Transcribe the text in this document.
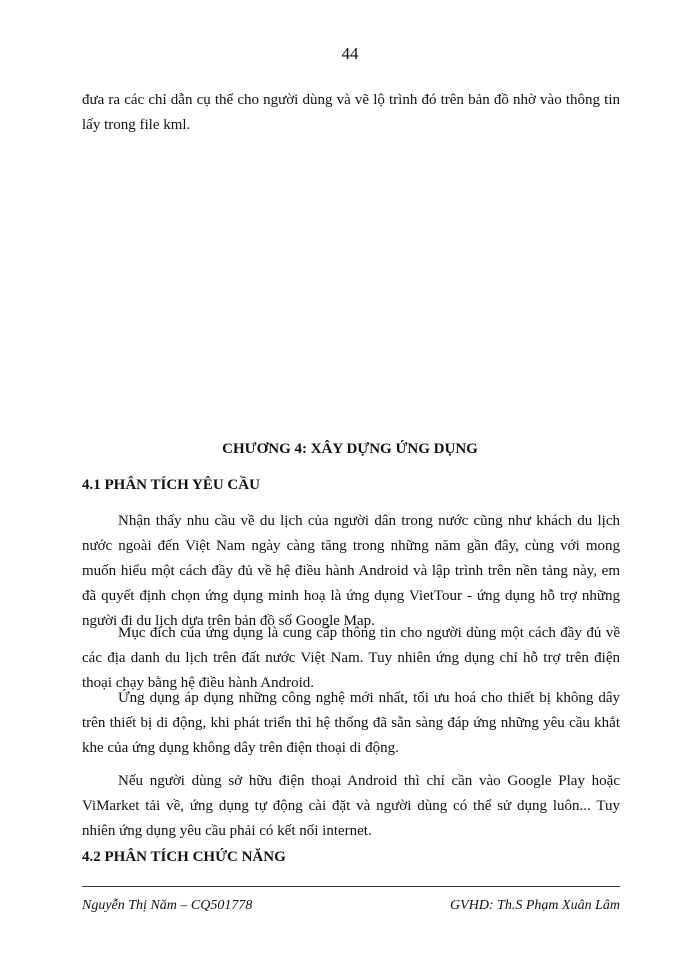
44

đưa ra các chỉ dẫn cụ thể cho người dùng và vẽ lộ trình đó trên bản đồ nhờ vào thông tin lấy trong file kml.

CHƯƠNG 4: XÂY DỰNG ỨNG DỤNG
4.1 PHÂN TÍCH YÊU CẦU

Nhận thấy nhu cầu về du lịch của người dân trong nước cũng như khách du lịch nước ngoài đến Việt Nam ngày càng tăng trong những năm gần đây, cùng với mong muốn hiểu một cách đầy đủ về hệ điều hành Android và lập trình trên nền tảng này, em đã quyết định chọn ứng dụng minh hoạ là ứng dụng VietTour - ứng dụng hỗ trợ những người đi du lịch dựa trên bản đồ số Google Map.

Mục đích của ứng dụng là cung cấp thông tin cho người dùng một cách đầy đủ về các địa danh du lịch trên đất nước Việt Nam. Tuy nhiên ứng dụng chỉ hỗ trợ trên điện thoại chạy bằng hệ điều hành Android.

Ứng dụng áp dụng những công nghệ mới nhất, tối ưu hoá cho thiết bị không dây trên thiết bị di động, khi phát triển thì hệ thống đã sẵn sàng đáp ứng những yêu cầu khắt khe của ứng dụng không dây trên điện thoại di động.

Nếu người dùng sở hữu điện thoại Android thì chỉ cần vào Google Play hoặc ViMarket tải về, ứng dụng tự động cài đặt và người dùng có thể sử dụng luôn... Tuy nhiên ứng dụng yêu cầu phải có kết nối internet.

4.2 PHÂN TÍCH CHỨC NĂNG
Nguyễn Thị Năm – CQ501778	GVHD: Th.S Phạm Xuân Lâm
